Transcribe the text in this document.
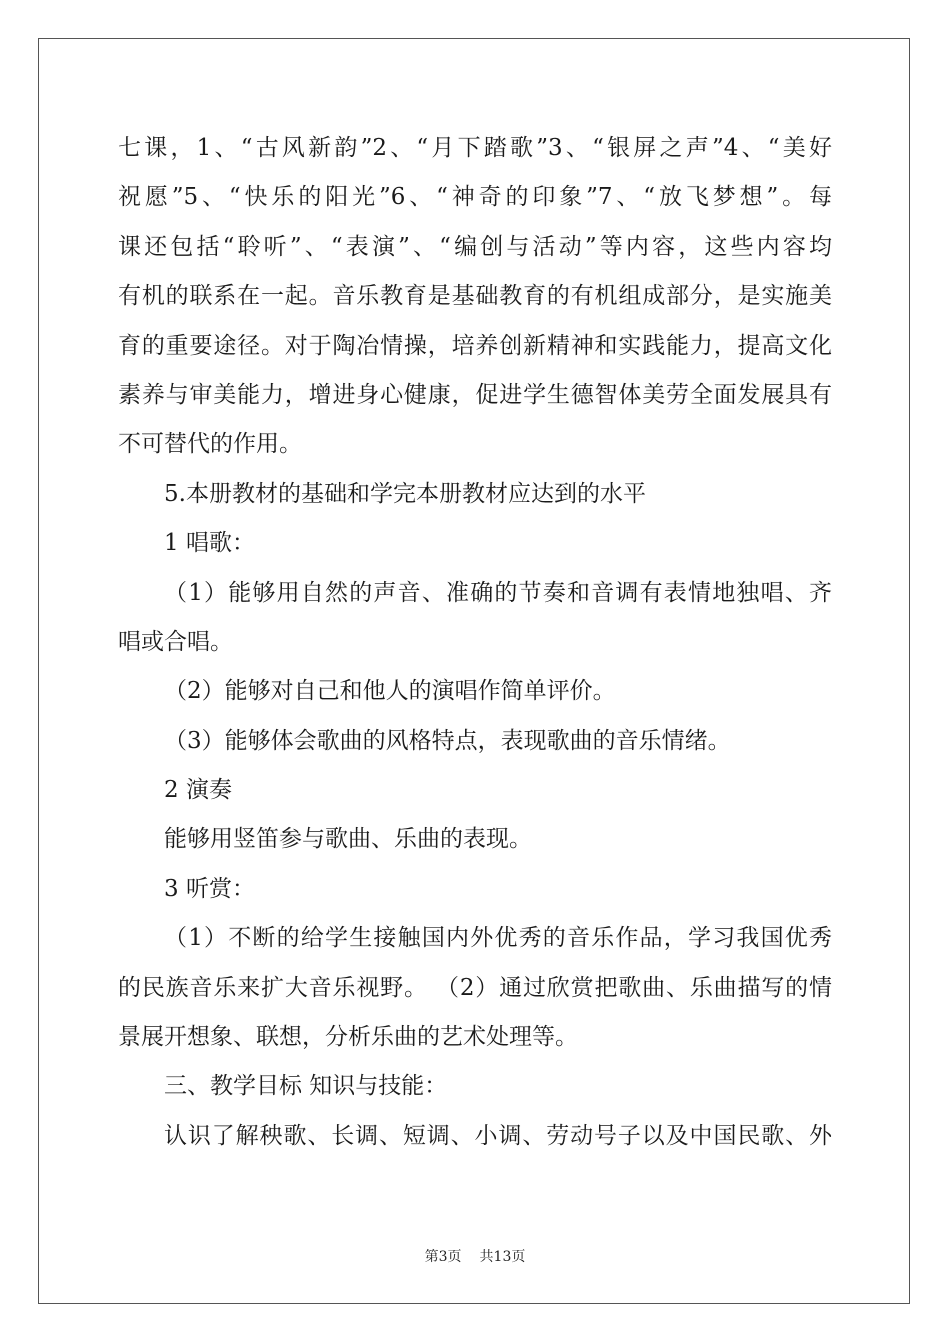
七课，1、“古风新韵”2、“月下踏歌”3、“银屏之声”4、“美好
祝愿”5、“快乐的阳光”6、“神奇的印象”7、“放飞梦想”。每
课还包括“聆听”、“表演”、“编创与活动”等内容，这些内容均
有机的联系在一起。音乐教育是基础教育的有机组成部分，是实施美
育的重要途径。对于陶冶情操，培养创新精神和实践能力，提高文化
素养与审美能力，增进身心健康，促进学生德智体美劳全面发展具有
不可替代的作用。
5.本册教材的基础和学完本册教材应达到的水平
1 唱歌：
（1）能够用自然的声音、准确的节奏和音调有表情地独唱、齐
唱或合唱。
（2）能够对自己和他人的演唱作简单评价。
（3）能够体会歌曲的风格特点，表现歌曲的音乐情绪。
2 演奏
能够用竖笛参与歌曲、乐曲的表现。
3 听赏：
（1）不断的给学生接触国内外优秀的音乐作品，学习我国优秀
的民族音乐来扩大音乐视野。 （2）通过欣赏把歌曲、乐曲描写的情
景展开想象、联想，分析乐曲的艺术处理等。
三、教学目标 知识与技能：
认识了解秧歌、长调、短调、小调、劳动号子以及中国民歌、外
第3页 共13页
